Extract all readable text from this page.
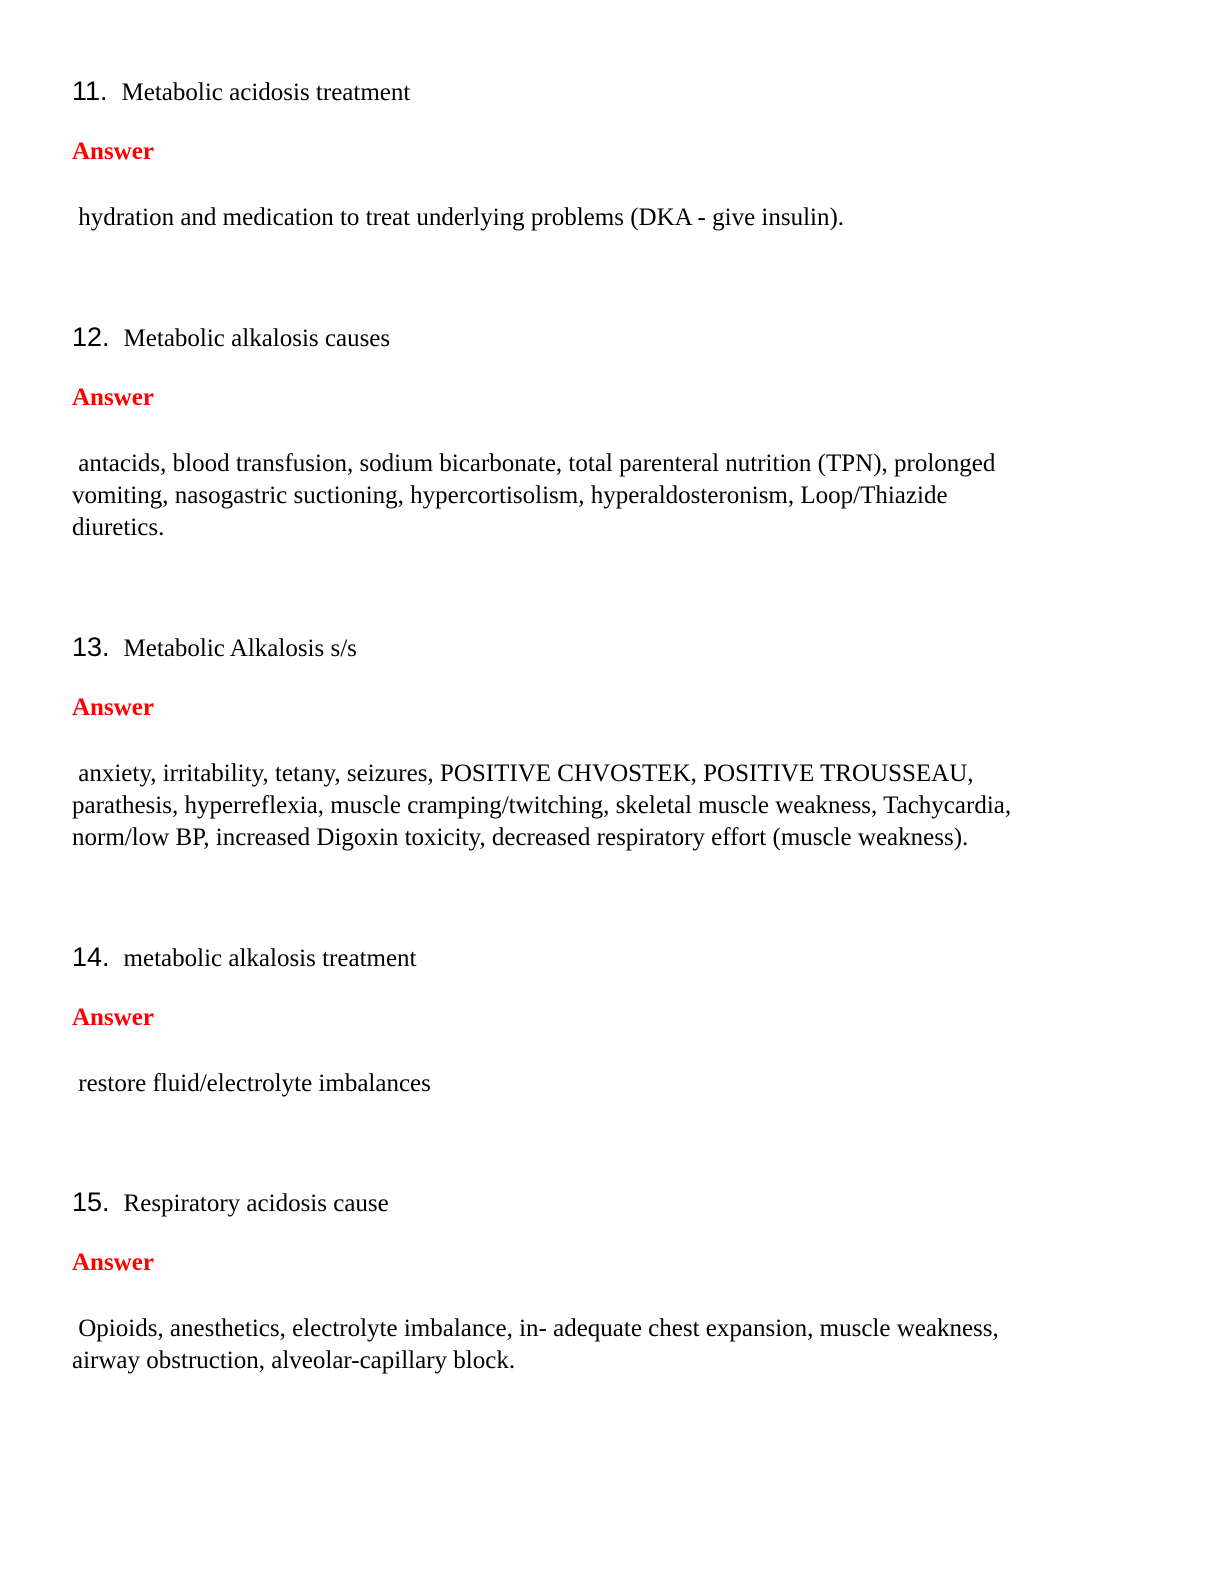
11. Metabolic acidosis treatment
Answer
hydration and medication to treat underlying problems (DKA - give insulin).
12. Metabolic alkalosis causes
Answer
antacids, blood transfusion, sodium bicarbonate, total parenteral nutrition (TPN), prolonged
vomiting, nasogastric suctioning, hypercortisolism, hyperaldosteronism, Loop/Thiazide
diuretics.
13. Metabolic Alkalosis s/s
Answer
anxiety, irritability, tetany, seizures, POSITIVE CHVOSTEK, POSITIVE TROUSSEAU,
parathesis, hyperreflexia, muscle cramping/twitching, skeletal muscle weakness, Tachycardia,
norm/low BP, increased Digoxin toxicity, decreased respiratory effort (muscle weakness).
14. metabolic alkalosis treatment
Answer
restore fluid/electrolyte imbalances
15. Respiratory acidosis cause
Answer
Opioids, anesthetics, electrolyte imbalance, in- adequate chest expansion, muscle weakness,
airway obstruction, alveolar-capillary block.
